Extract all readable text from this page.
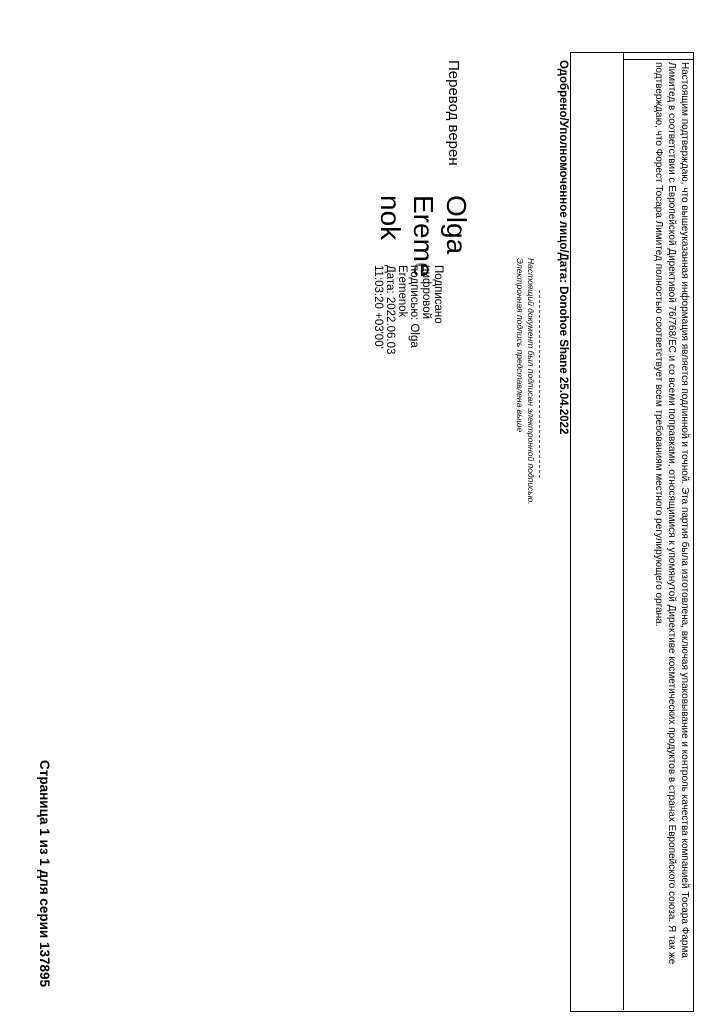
Настоящим подтверждаю, что вышеуказанная информация является подлинной и точной. Эта партия была изготовлена, включая упаковывание и контроль качества компанией Тосара Фарма
Лимитед в соответствии с Европейской Директивой 76/768/ЕС и со всеми поправками, относящимися к упомянутой Директиве косметических продуктов в странах Европейского союза. Я так же
подтверждаю, что Форест Тосара Лимитед полностью соответствует всем требованиям местного регулирующего органа.
Одобрено/Уполномоченное лицо/Дата: Donohoe Shane 25.04.2022
Настоящий документ был подписан электронной подписью.
Электронная подпись представлена выше
Перевод верен
Olga
Ereme
nok
Подписано
цифровой
подписью: Olga
Eremenok
Дата: 2022.06.03
11:03:20 +03'00'
Страница 1 из 1 для серии 137895
